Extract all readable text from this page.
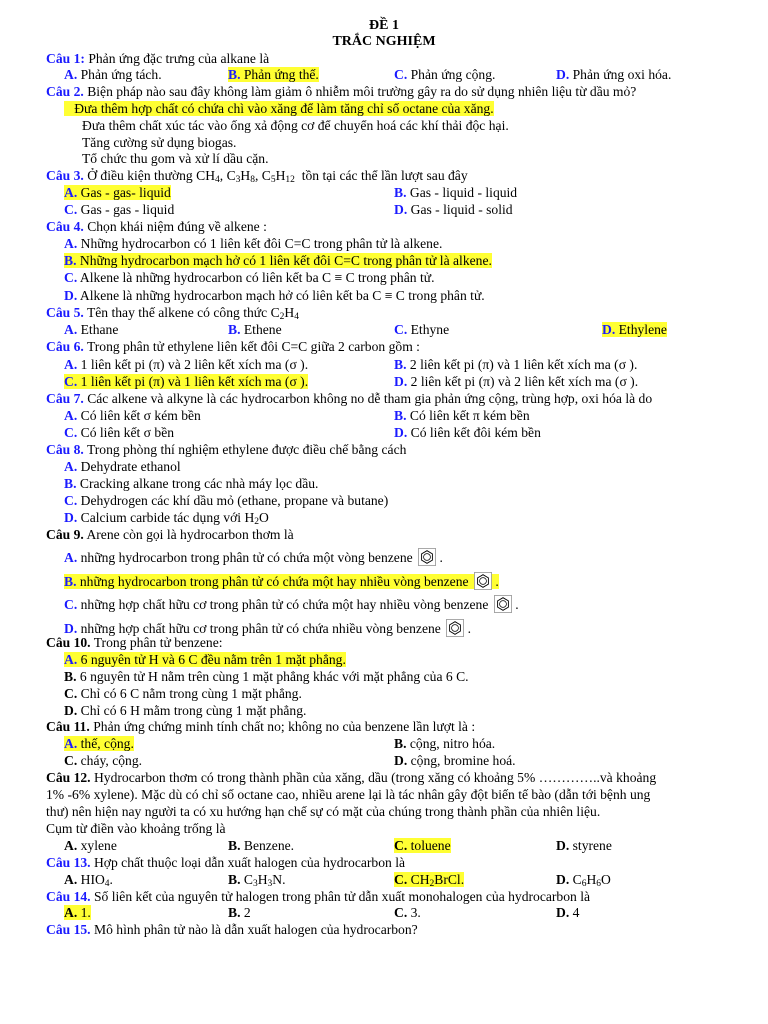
ĐỀ 1
TRẮC NGHIỆM
Câu 1: Phản ứng đặc trưng của alkane là
A. Phản ứng tách.	B. Phản ứng thế.	C. Phản ứng cộng.	D. Phản ứng oxi hóa.
Câu 2. Biện pháp nào sau đây không làm giảm ô nhiễm môi trường gây ra do sử dụng nhiên liệu từ dầu mỏ?
Đưa thêm hợp chất có chứa chì vào xăng để làm tăng chỉ số octane của xăng.
Đưa thêm chất xúc tác vào ống xả động cơ để chuyển hoá các khí thải độc hại.
Tăng cường sử dụng biogas.
Tổ chức thu gom và xử lí dầu cặn.
Câu 3. Ở điều kiện thường $CH_4$, $C_3H_8$, $C_5H_{12}$ tồn tại các thể lần lượt sau đây
A. Gas - gas- liquid	B. Gas - liquid - liquid
C. Gas - gas - liquid	D. Gas - liquid - solid
Câu 4. Chọn khái niệm đúng về alkene :
A. Những hydrocarbon có 1 liên kết đôi C=C trong phân tử là alkene.
B. Những hydrocarbon mạch hở có 1 liên kết đôi C=C trong phân tử là alkene.
C. Alkene là những hydrocarbon có liên kết ba C ≡ C trong phân tử.
D. Alkene là những hydrocarbon mạch hở có liên kết ba C ≡ C trong phân tử.
Câu 5. Tên thay thế alkene có công thức $C_2H_4$
A. Ethane	B. Ethene	C. Ethyne	D. Ethylene
Câu 6. Trong phân tử ethylene liên kết đôi C=C giữa 2 carbon gồm :
A. 1 liên kết pi (π) và 2 liên kết xích ma (σ ).	B. 2 liên kết pi (π) và 1 liên kết xích ma (σ ).
C. 1 liên kết pi (π) và 1 liên kết xích ma (σ ).	D. 2 liên kết pi (π) và 2 liên kết xích ma (σ ).
Câu 7. Các alkene và alkyne là các hydrocarbon không no dễ tham gia phản ứng cộng, trùng hợp, oxi hóa là do
A. Có liên kết σ kém bền	B. Có liên kết π kém bền
C. Có liên kết σ bền	D. Có liên kết đôi kém bền
Câu 8. Trong phòng thí nghiệm ethylene được điều chế bằng cách
A. Dehydrate ethanol
B. Cracking alkane trong các nhà máy lọc dầu.
C. Dehydrogen các khí dầu mỏ (ethane, propane và butane)
D. Calcium carbide tác dụng với $H_2O$
Câu 9. Arene còn gọi là hydrocarbon thơm là
A. những hydrocarbon trong phân tử có chứa một vòng benzene  .
B. những hydrocarbon trong phân tử có chứa một hay nhiều vòng benzene  .
C. những hợp chất hữu cơ trong phân tử có chứa một hay nhiều vòng benzene  .
D. những hợp chất hữu cơ trong phân tử có chứa nhiều vòng benzene  .
Câu 10. Trong phân tử benzene:
A. 6 nguyên tử H và 6 C đều nằm trên 1 mặt phẳng.
B. 6 nguyên tử H nằm trên cùng 1 mặt phẳng khác với mặt phẳng của 6 C.
C. Chỉ có 6 C nằm trong cùng 1 mặt phẳng.
D. Chỉ có 6 H mằm trong cùng 1 mặt phẳng.
Câu 11. Phản ứng chứng minh tính chất no; không no của benzene lần lượt là :
A. thế, cộng.	B. cộng, nitro hóa.
C. cháy, cộng.	D. cộng, bromine hoá.
Câu 12. Hydrocarbon thơm có trong thành phần của xăng, dầu (trong xăng có khoảng 5% …………..và khoảng
1% -6% xylene). Mặc dù có chỉ số octane cao, nhiều arene lại là tác nhân gây đột biến tế bào (dẫn tới bệnh ung
thư) nên hiện nay người ta có xu hướng hạn chế sự có mặt của chúng trong thành phần của nhiên liệu.
Cụm từ điền vào khoảng trống là
A. xylene	B. Benzene.	C. toluene	D. styrene
Câu 13. Hợp chất thuộc loại dẫn xuất halogen của hydrocarbon là
A. $HIO_4$.	B. $C_3H_3N$.	C. $CH_2BrCl$.	D. $C_6H_6O$
Câu 14. Số liên kết của nguyên tử halogen trong phân tử dẫn xuất monohalogen của hydrocarbon là
A. 1.	B. 2	C. 3.	D. 4
Câu 15. Mô hình phân tử nào là dẫn xuất halogen của hydrocarbon?
